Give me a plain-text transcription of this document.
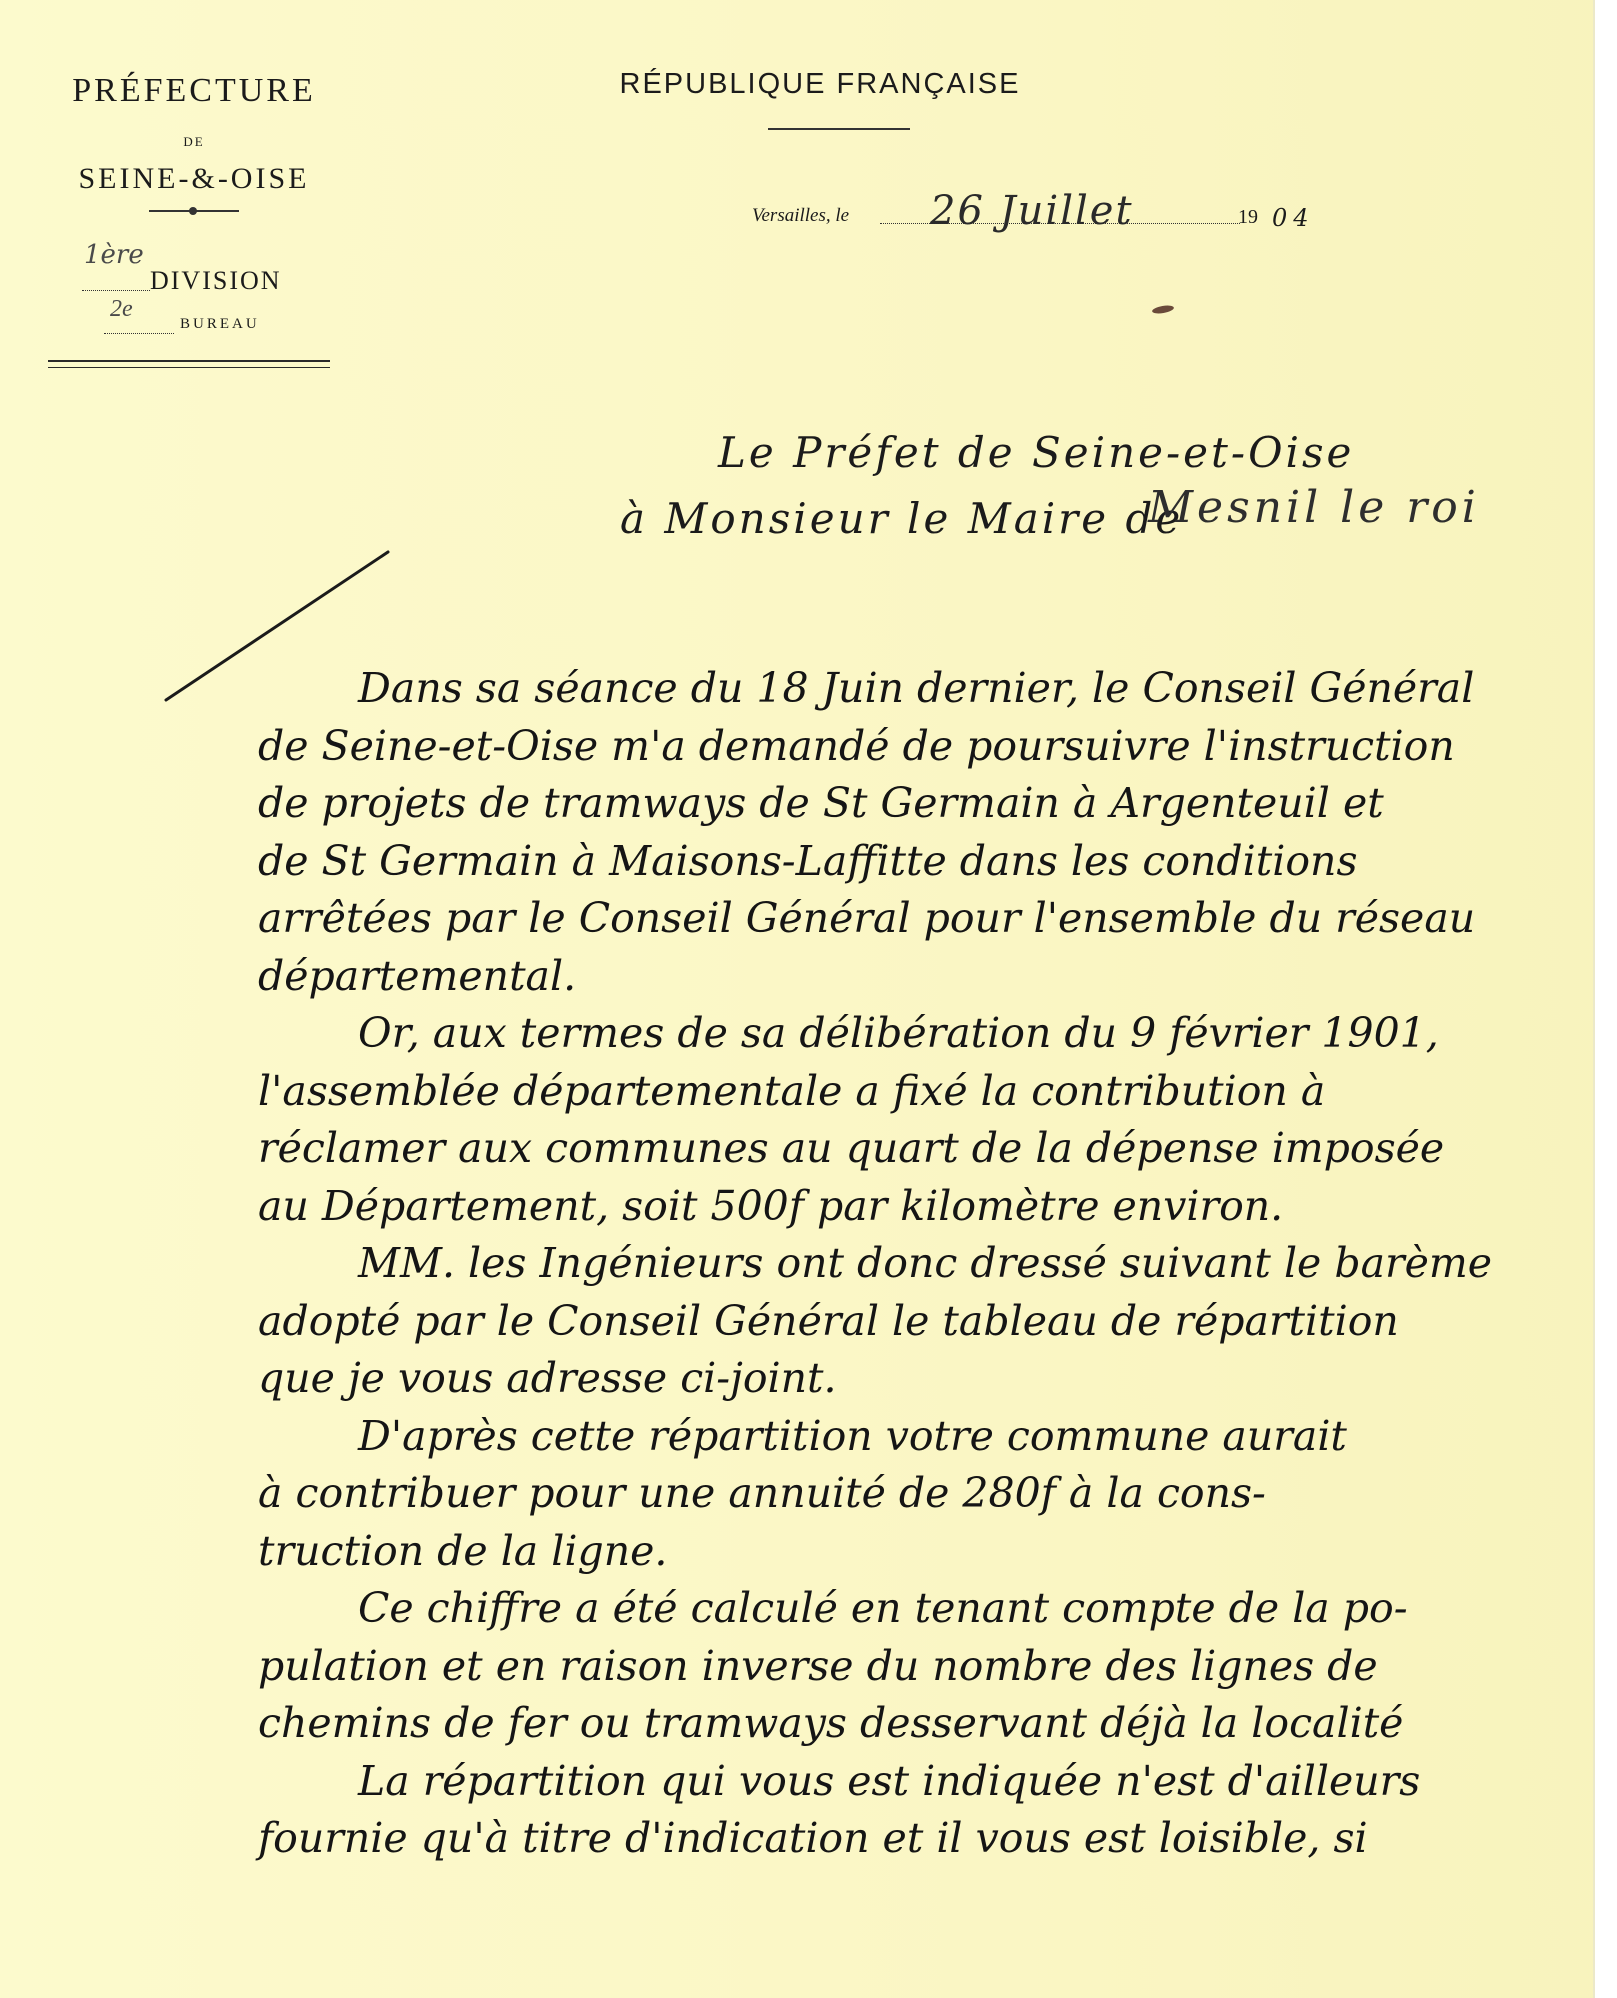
PRÉFECTURE
DE
SEINE-&-OISE
1ère
DIVISION
2e
BUREAU
RÉPUBLIQUE FRANÇAISE
Versailles, le 26 Juillet	19 04
Le Préfet de Seine-et-Oise
à Monsieur le Maire de
Mesnil le roi
Dans sa séance du 18 Juin dernier, le Conseil Général
de Seine-et-Oise m'a demandé de poursuivre l'instruction
de projets de tramways de St Germain à Argenteuil et
de St Germain à Maisons-Laffitte dans les conditions
arrêtées par le Conseil Général pour l'ensemble du réseau
départemental.
Or, aux termes de sa délibération du 9 février 1901,
l'assemblée départementale a fixé la contribution à
réclamer aux communes au quart de la dépense imposée
au Département, soit 500f par kilomètre environ.
MM. les Ingénieurs ont donc dressé suivant le barème
adopté par le Conseil Général le tableau de répartition
que je vous adresse ci-joint.
D'après cette répartition votre commune aurait
à contribuer pour une annuité de 280f à la cons-
truction de la ligne.
Ce chiffre a été calculé en tenant compte de la po-
pulation et en raison inverse du nombre des lignes de
chemins de fer ou tramways desservant déjà la localité
La répartition qui vous est indiquée n'est d'ailleurs
fournie qu'à titre d'indication et il vous est loisible, si
